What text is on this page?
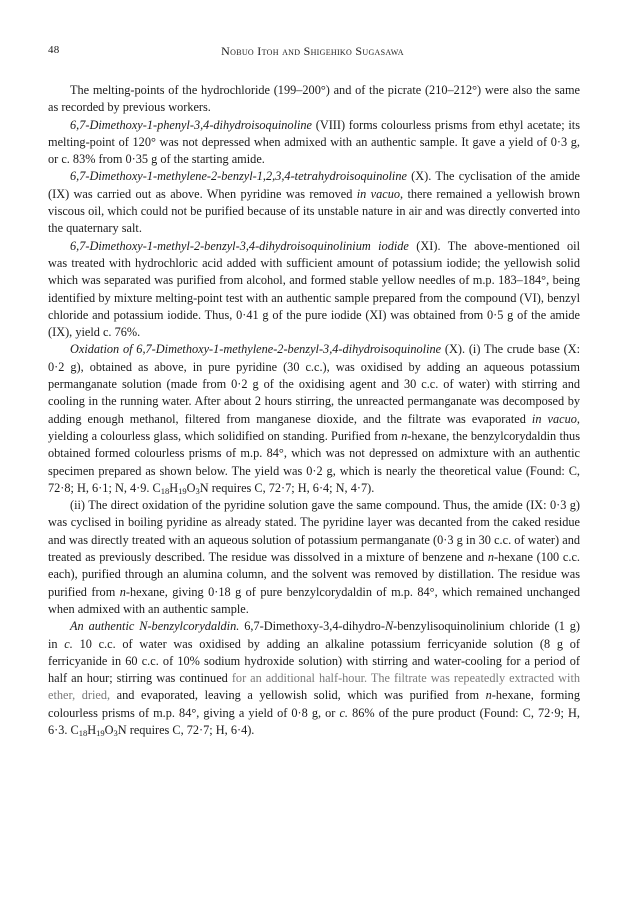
48	Nobuo Itoh and Shigehiko Sugasawa

The melting-points of the hydrochloride (199–200°) and of the picrate (210–212°) were also the same as recorded by previous workers.

6,7-Dimethoxy-1-phenyl-3,4-dihydroisoquinoline (VIII) forms colourless prisms from ethyl acetate; its melting-point of 120° was not depressed when admixed with an authentic sample. It gave a yield of 0·3 g, or c. 83% from 0·35 g of the starting amide.

6,7-Dimethoxy-1-methylene-2-benzyl-1,2,3,4-tetrahydroisoquinoline (X). The cyclisation of the amide (IX) was carried out as above. When pyridine was removed in vacuo, there remained a yellowish brown viscous oil, which could not be purified because of its unstable nature in air and was directly converted into the quaternary salt.

6,7-Dimethoxy-1-methyl-2-benzyl-3,4-dihydroisoquinolinium iodide (XI). The above-mentioned oil was treated with hydrochloric acid added with sufficient amount of potassium iodide; the yellowish solid which was separated was purified from alcohol, and formed stable yellow needles of m.p. 183–184°, being identified by mixture melting-point test with an authentic sample prepared from the compound (VI), benzyl chloride and potassium iodide. Thus, 0·41 g of the pure iodide (XI) was obtained from 0·5 g of the amide (IX), yield c. 76%.

Oxidation of 6,7-Dimethoxy-1-methylene-2-benzyl-3,4-dihydroisoquinoline (X). (i) The crude base (X: 0·2 g), obtained as above, in pure pyridine (30 c.c.), was oxidised by adding an aqueous potassium permanganate solution (made from 0·2 g of the oxidising agent and 30 c.c. of water) with stirring and cooling in the running water. After about 2 hours stirring, the unreacted permanganate was decomposed by adding enough methanol, filtered from manganese dioxide, and the filtrate was evaporated in vacuo, yielding a colourless glass, which solidified on standing. Purified from n-hexane, the benzylcorydaldin thus obtained formed colourless prisms of m.p. 84°, which was not depressed on admixture with an authentic specimen prepared as shown below. The yield was 0·2 g, which is nearly the theoretical value (Found: C, 72·8; H, 6·1; N, 4·9. $C_{18}H_{19}O_3N$ requires C, 72·7; H, 6·4; N, 4·7).

(ii) The direct oxidation of the pyridine solution gave the same compound. Thus, the amide (IX: 0·3 g) was cyclised in boiling pyridine as already stated. The pyridine layer was decanted from the caked residue and was directly treated with an aqueous solution of potassium permanganate (0·3 g in 30 c.c. of water) and treated as previously described. The residue was dissolved in a mixture of benzene and n-hexane (100 c.c. each), purified through an alumina column, and the solvent was removed by distillation. The residue was purified from n-hexane, giving 0·18 g of pure benzylcorydaldin of m.p. 84°, which remained unchanged when admixed with an authentic sample.

An authentic N-benzylcorydaldin. 6,7-Dimethoxy-3,4-dihydro-N-benzylisoquinolinium chloride (1 g) in c. 10 c.c. of water was oxidised by adding an alkaline potassium ferricyanide solution (8 g of ferricyanide in 60 c.c. of 10% sodium hydroxide solution) with stirring and water-cooling for a period of half an hour; stirring was continued for an additional half-hour. The filtrate was repeatedly extracted with ether, dried, and evaporated, leaving a yellowish solid, which was purified from n-hexane, forming colourless prisms of m.p. 84°, giving a yield of 0·8 g, or c. 86% of the pure product (Found: C, 72·9; H, 6·3. $C_{18}H_{19}O_3N$ requires C, 72·7; H, 6·4).
